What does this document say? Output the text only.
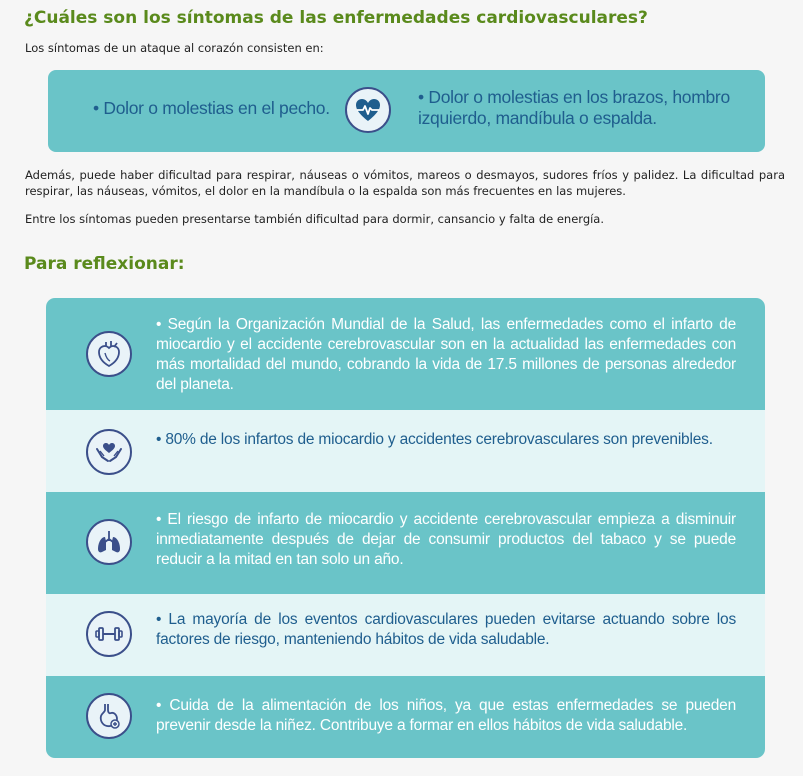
¿Cuáles son los síntomas de las enfermedades cardiovasculares?

Los síntomas de un ataque al corazón consisten en:

• Dolor o molestias en el pecho.
• Dolor o molestias en los brazos, hombro izquierdo, mandíbula o espalda.

Además, puede haber dificultad para respirar, náuseas o vómitos, mareos o desmayos, sudores fríos y palidez. La dificultad para respirar, las náuseas, vómitos, el dolor en la mandíbula o la espalda son más frecuentes en las mujeres.

Entre los síntomas pueden presentarse también dificultad para dormir, cansancio y falta de energía.

Para reflexionar:
• Según la Organización Mundial de la Salud, las enfermedades como el infarto de miocardio y el accidente cerebrovascular son en la actualidad las enfermedades con más mortalidad del mundo, cobrando la vida de 17.5 millones de personas alrededor del planeta.
• 80% de los infartos de miocardio y accidentes cerebrovasculares son prevenibles.
• El riesgo de infarto de miocardio y accidente cerebrovascular empieza a disminuir inmediatamente después de dejar de consumir productos del tabaco y se puede reducir a la mitad en tan solo un año.
• La mayoría de los eventos cardiovasculares pueden evitarse actuando sobre los factores de riesgo, manteniendo hábitos de vida saludable.
• Cuida de la alimentación de los niños, ya que estas enfermedades se pueden prevenir desde la niñez. Contribuye a formar en ellos hábitos de vida saludable.
